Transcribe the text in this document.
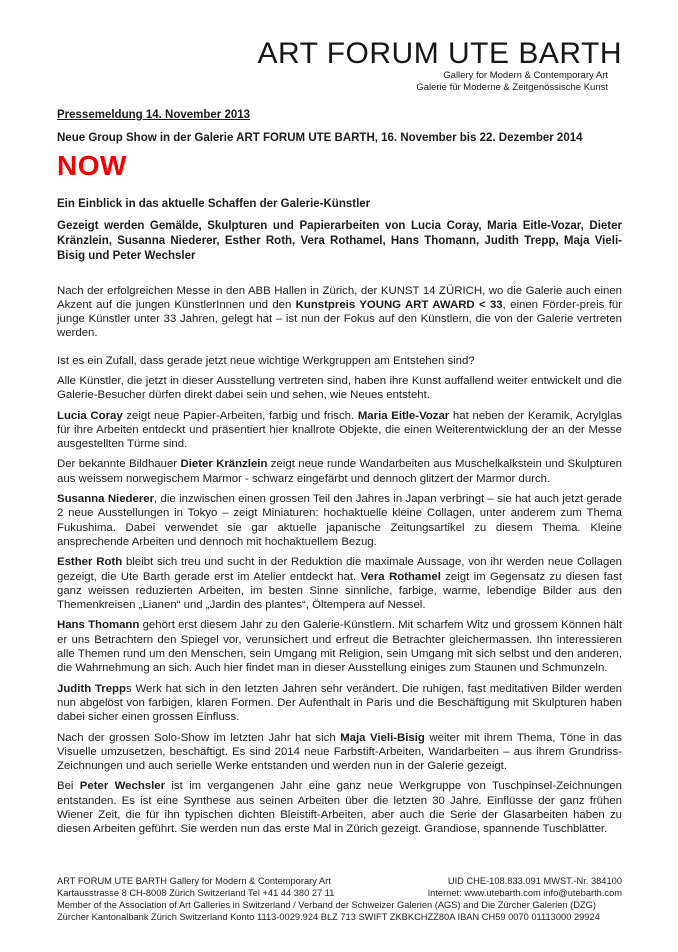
ART FORUM UTE BARTH
Gallery for Modern & Contemporary Art
Galerie für Moderne & Zeitgenössische Kunst
Pressemeldung 14. November 2013
Neue Group Show in der Galerie ART FORUM UTE BARTH, 16. November bis 22. Dezember 2014
NOW
Ein Einblick in das aktuelle Schaffen der Galerie-Künstler
Gezeigt werden Gemälde, Skulpturen und Papierarbeiten von Lucia Coray, Maria Eitle-Vozar, Dieter Kränzlein, Susanna Niederer, Esther Roth, Vera Rothamel, Hans Thomann, Judith Trepp, Maja Vieli-Bisig und Peter Wechsler

Nach der erfolgreichen Messe in den ABB Hallen in Zürich, der KUNST 14 ZÜRICH, wo die Galerie auch einen Akzent auf die jungen KünstlerInnen und den Kunstpreis YOUNG ART AWARD < 33, einen Förder-preis für junge Künstler unter 33 Jahren, gelegt hat – ist nun der Fokus auf den Künstlern, die von der Galerie vertreten werden.

Ist es ein Zufall, dass gerade jetzt neue wichtige Werkgruppen am Entstehen sind?

Alle Künstler, die jetzt in dieser Ausstellung vertreten sind, haben ihre Kunst auffallend weiter entwickelt und die Galerie-Besucher dürfen direkt dabei sein und sehen, wie Neues entsteht.

Lucia Coray zeigt neue Papier-Arbeiten, farbig und frisch. Maria Eitle-Vozar hat neben der Keramik, Acrylglas für ihre Arbeiten entdeckt und präsentiert hier knallrote Objekte, die einen Weiterentwicklung der an der Messe ausgestellten Türme sind.

Der bekannte Bildhauer Dieter Kränzlein zeigt neue runde Wandarbeiten aus Muschelkalkstein und Skulpturen aus weissem norwegischem Marmor - schwarz eingefärbt und dennoch glitzert der Marmor durch.

Susanna Niederer, die inzwischen einen grossen Teil den Jahres in Japan verbringt – sie hat auch jetzt gerade 2 neue Ausstellungen in Tokyo – zeigt Miniaturen: hochaktuelle kleine Collagen, unter anderem zum Thema Fukushima. Dabei verwendet sie gar aktuelle japanische Zeitungsartikel zu diesem Thema. Kleine ansprechende Arbeiten und dennoch mit hochaktuellem Bezug.

Esther Roth bleibt sich treu und sucht in der Reduktion die maximale Aussage, von ihr werden neue Collagen gezeigt, die Ute Barth gerade erst im Atelier entdeckt hat. Vera Rothamel zeigt im Gegensatz zu diesen fast ganz weissen reduzierten Arbeiten, im besten Sinne sinnliche, farbige, warme, lebendige Bilder aus den Themenkreisen „Lianen“ und „Jardin des plantes“, Öltempera auf Nessel.

Hans Thomann gehört erst diesem Jahr zu den Galerie-Künstlern. Mit scharfem Witz und grossem Können hält er uns Betrachtern den Spiegel vor, verunsichert und erfreut die Betrachter gleichermassen. Ihn interessieren alle Themen rund um den Menschen, sein Umgang mit Religion, sein Umgang mit sich selbst und den anderen, die Wahrnehmung an sich. Auch hier findet man in dieser Ausstellung einiges zum Staunen und Schmunzeln.

Judith Trepps Werk hat sich in den letzten Jahren sehr verändert. Die ruhigen, fast meditativen Bilder werden nun abgelöst von farbigen, klaren Formen. Der Aufenthalt in Paris und die Beschäftigung mit Skulpturen haben dabei sicher einen grossen Einfluss.

Nach der grossen Solo-Show im letzten Jahr hat sich Maja Vieli-Bisig weiter mit ihrem Thema, Töne in das Visuelle umzusetzen, beschäftigt. Es sind 2014 neue Farbstift-Arbeiten, Wandarbeiten – aus ihrem Grundriss-Zeichnungen und auch serielle Werke entstanden und werden nun in der Galerie gezeigt.

Bei Peter Wechsler ist im vergangenen Jahr eine ganz neue Werkgruppe von Tuschpinsel-Zeichnungen entstanden. Es ist eine Synthese aus seinen Arbeiten über die letzten 30 Jahre. Einflüsse der ganz frühen Wiener Zeit, die für ihn typischen dichten Bleistift-Arbeiten, aber auch die Serie der Glasarbeiten haben zu diesen Arbeiten geführt. Sie werden nun das erste Mal in Zürich gezeigt. Grandiose, spannende Tuschblätter.

ART FORUM UTE BARTH Gallery for Modern & Contemporary Art	UID CHE-108.833.091 MWST.-Nr. 384100
Kartausstrasse 8 CH-8008 Zürich Switzerland Tel +41 44 380 27 11	Internet: www.utebarth.com info@utebarth.com
Member of the Association of Art Galleries in Switzerland / Verband der Schweizer Galerien (AGS) and Die Zürcher Galerien (DZG)
Zürcher Kantonalbank Zürich Switzerland Konto 1113-0029.924 BLZ 713 SWIFT ZKBKCHZZ80A IBAN CH59 0070 01113000 29924
